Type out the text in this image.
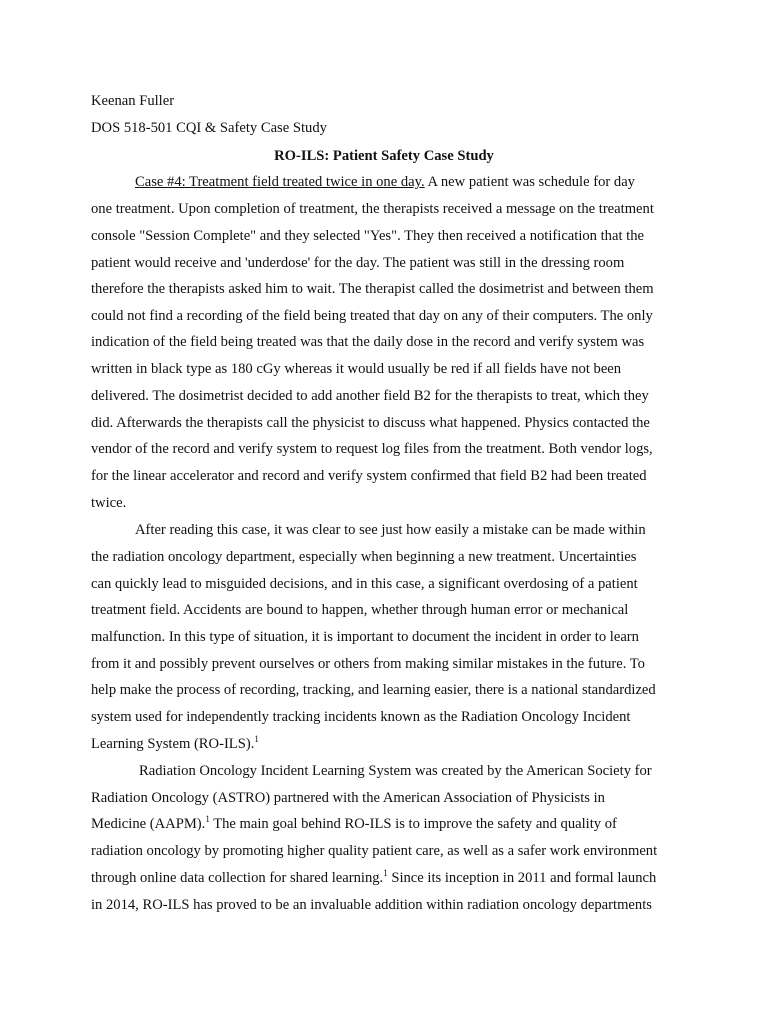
Keenan Fuller
DOS 518-501 CQI & Safety Case Study
RO-ILS: Patient Safety Case Study
Case #4: Treatment field treated twice in one day. A new patient was schedule for day
one treatment. Upon completion of treatment, the therapists received a message on the treatment
console "Session Complete" and they selected "Yes". They then received a notification that the
patient would receive and 'underdose' for the day. The patient was still in the dressing room
therefore the therapists asked him to wait. The therapist called the dosimetrist and between them
could not find a recording of the field being treated that day on any of their computers. The only
indication of the field being treated was that the daily dose in the record and verify system was
written in black type as 180 cGy whereas it would usually be red if all fields have not been
delivered. The dosimetrist decided to add another field B2 for the therapists to treat, which they
did. Afterwards the therapists call the physicist to discuss what happened. Physics contacted the
vendor of the record and verify system to request log files from the treatment. Both vendor logs,
for the linear accelerator and record and verify system confirmed that field B2 had been treated
twice.
After reading this case, it was clear to see just how easily a mistake can be made within
the radiation oncology department, especially when beginning a new treatment. Uncertainties
can quickly lead to misguided decisions, and in this case, a significant overdosing of a patient
treatment field. Accidents are bound to happen, whether through human error or mechanical
malfunction. In this type of situation, it is important to document the incident in order to learn
from it and possibly prevent ourselves or others from making similar mistakes in the future. To
help make the process of recording, tracking, and learning easier, there is a national standardized
system used for independently tracking incidents known as the Radiation Oncology Incident
Learning System (RO-ILS).$^1$
Radiation Oncology Incident Learning System was created by the American Society for
Radiation Oncology (ASTRO) partnered with the American Association of Physicists in
Medicine (AAPM).$^1$ The main goal behind RO-ILS is to improve the safety and quality of
radiation oncology by promoting higher quality patient care, as well as a safer work environment
through online data collection for shared learning.$^1$ Since its inception in 2011 and formal launch
in 2014, RO-ILS has proved to be an invaluable addition within radiation oncology departments
